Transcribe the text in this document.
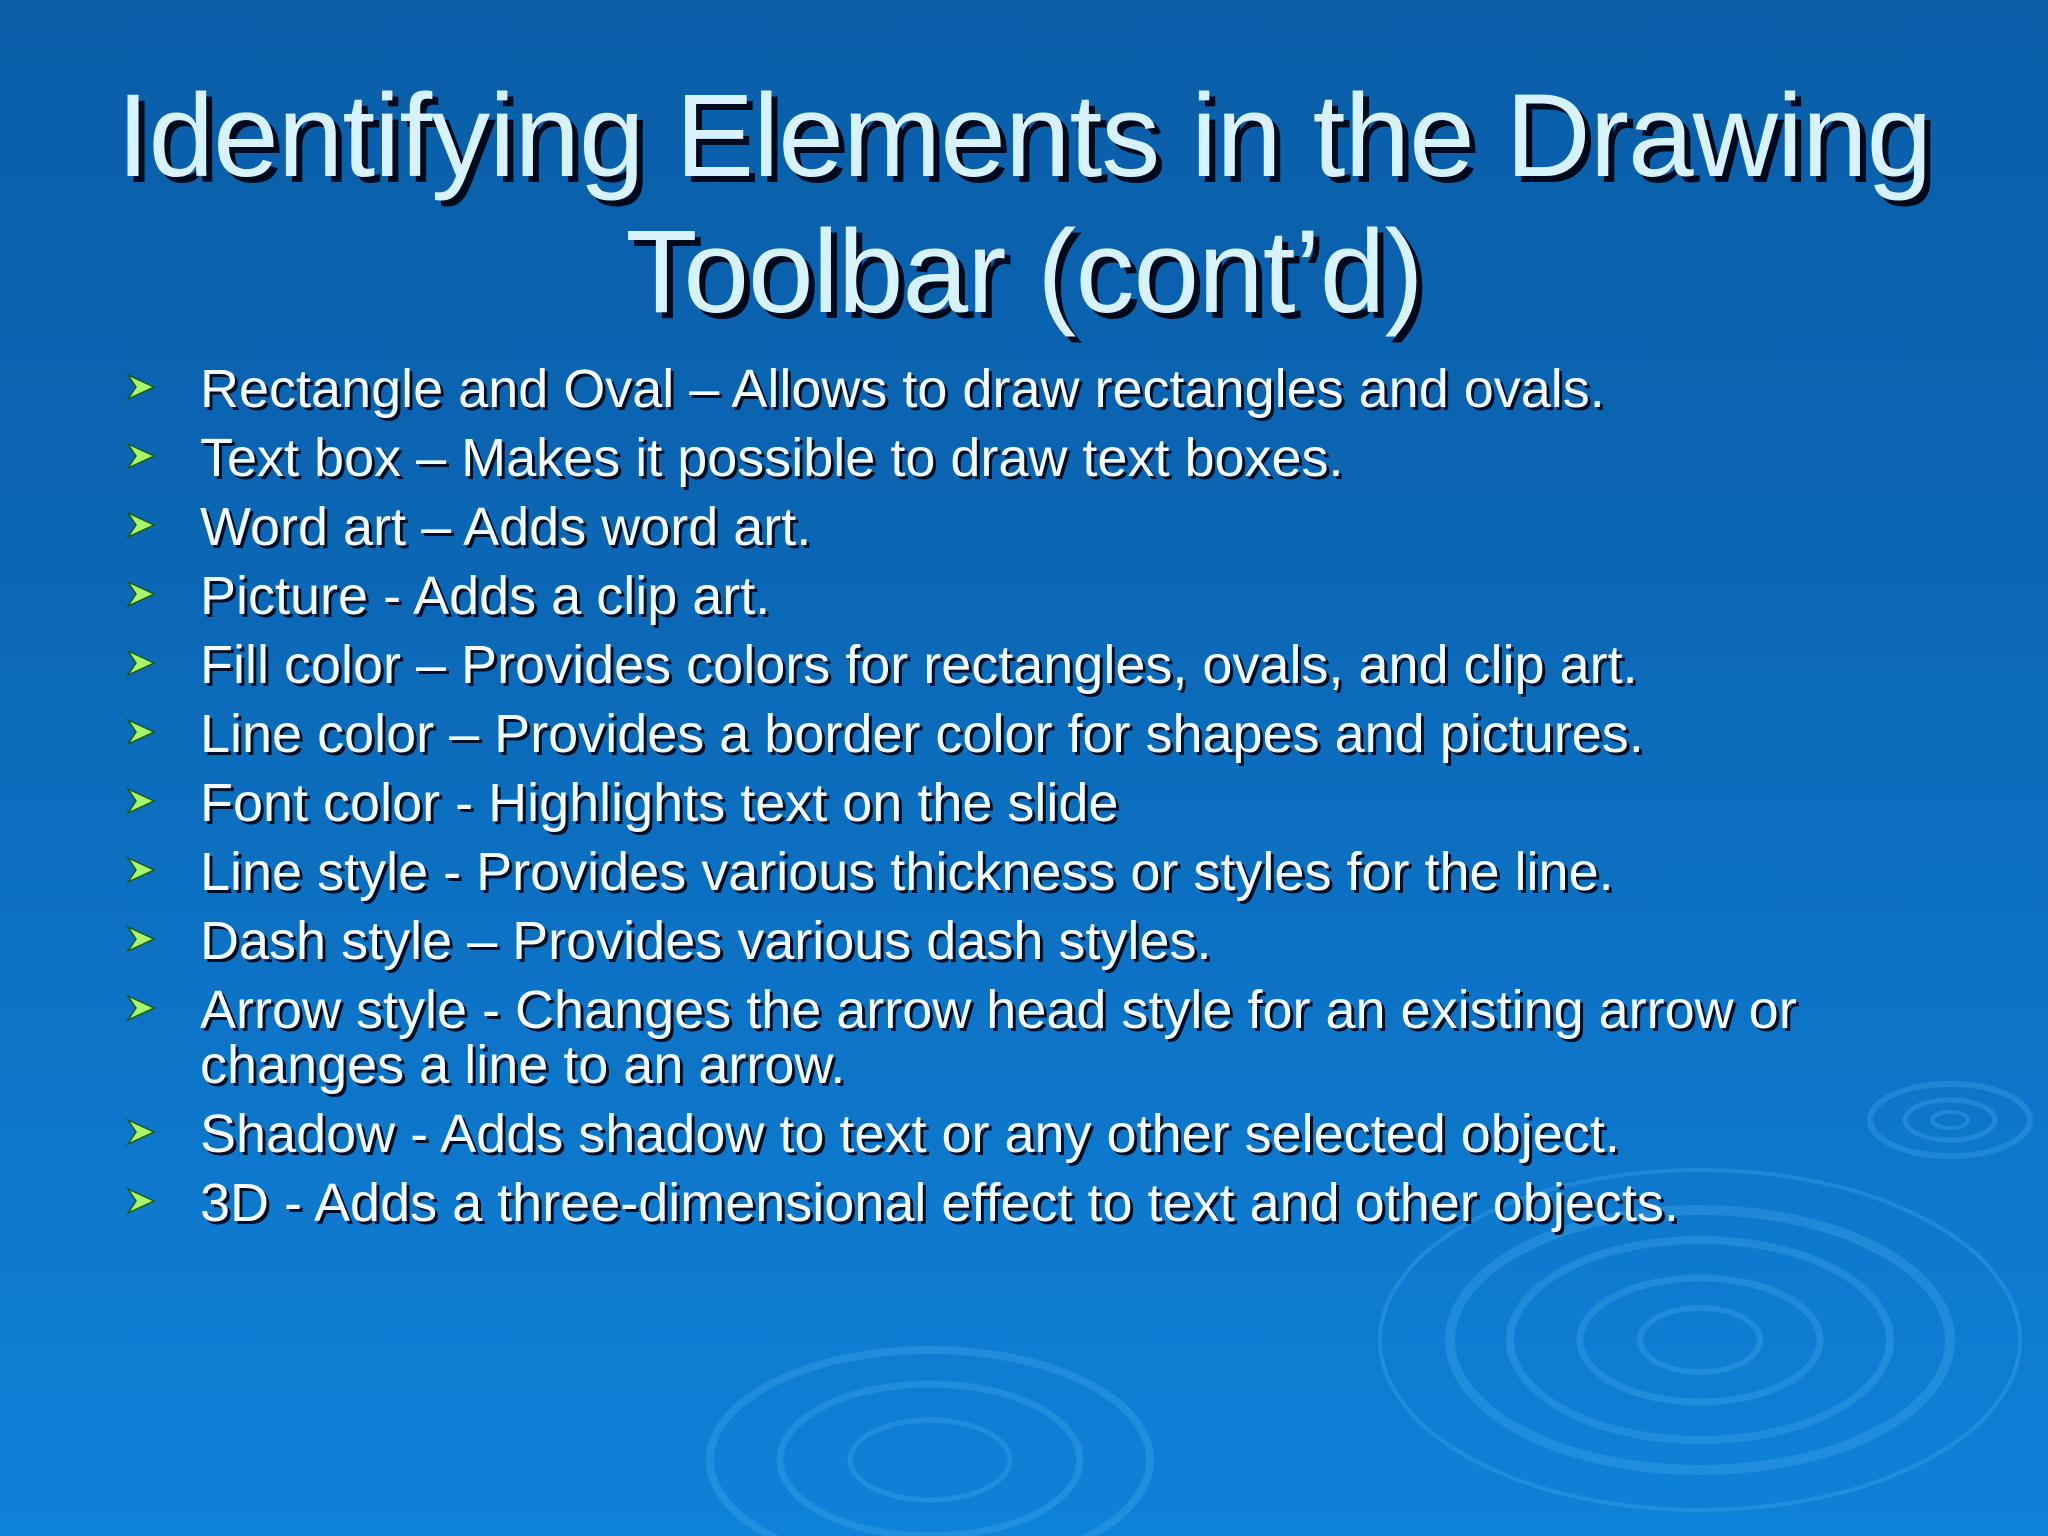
Identifying Elements in the Drawing Toolbar (cont’d)
Rectangle and Oval – Allows to draw rectangles and ovals.
Text box – Makes it possible to draw text boxes.
Word art – Adds word art.
Picture - Adds a clip art.
Fill color – Provides colors for rectangles, ovals, and clip art.
Line color – Provides a border color for shapes and pictures.
Font color - Highlights text on the slide
Line style - Provides various thickness or styles for the line.
Dash style – Provides various dash styles.
Arrow style - Changes the arrow head style for an existing arrow or changes a line to an arrow.
Shadow - Adds shadow to text or any other selected object.
3D - Adds a three-dimensional effect to text and other objects.
